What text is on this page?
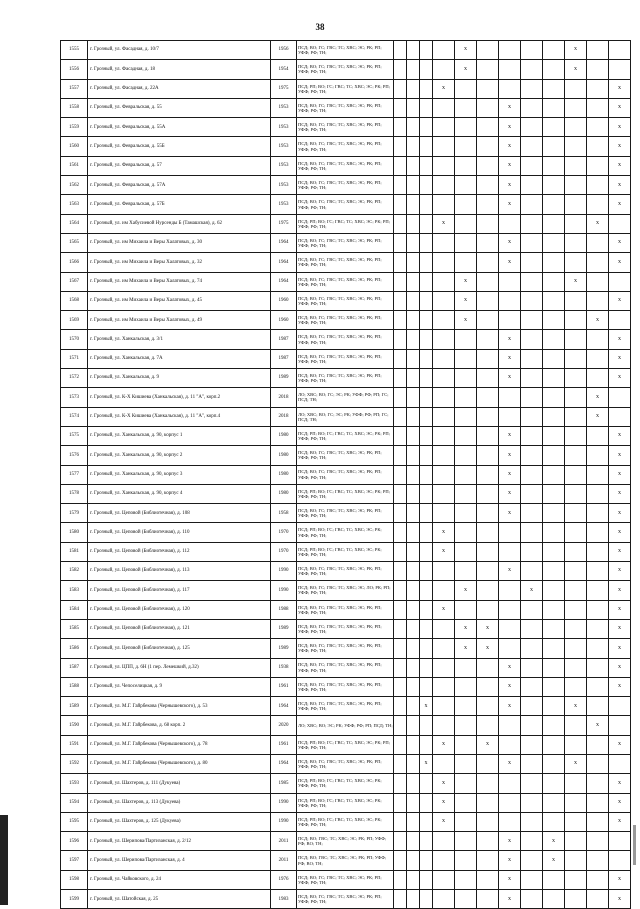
38
1555	г. Грозный, ул. Фасадная, д. 10/7	1956	ПСД; ВО; ГС; ГВС; ТС; ХВС; ЭС; РК; РП; УФФ; РФ; ТН;					x					x		
1556	г. Грозный, ул. Фасадная, д. 18	1954	ПСД; ВО; ГС; ГВС; ТС; ХВС; ЭС; РК; РП; УФФ; РФ; ТН;					x					x		
1557	г. Грозный, ул. Фасадная, д. 22А	1975	ПСД; РП; ВО; ГС; ГВС; ТС; ХВС; ЭС; РК; РП; УФФ; РФ; ТН;				x								x
1558	г. Грозный, ул. Февральская, д. 55	1953	ПСД; ВО; ГС; ГВС; ТС; ХВС; ЭС; РК; РП; УФФ; РФ; ТН;							x					x
1559	г. Грозный, ул. Февральская, д. 55А	1953	ПСД; ВО; ГС; ГВС; ТС; ХВС; ЭС; РК; РП; УФФ; РФ; ТН;							x					x
1560	г. Грозный, ул. Февральская, д. 55Б	1953	ПСД; ВО; ГС; ГВС; ТС; ХВС; ЭС; РК; РП; УФФ; РФ; ТН;							x					x
1561	г. Грозный, ул. Февральская, д. 57	1953	ПСД; ВО; ГС; ГВС; ТС; ХВС; ЭС; РК; РП; УФФ; РФ; ТН;							x					x
1562	г. Грозный, ул. Февральская, д. 57А	1953	ПСД; ВО; ГС; ГВС; ТС; ХВС; ЭС; РК; РП; УФФ; РФ; ТН;							x					x
1563	г. Грозный, ул. Февральская, д. 57Б	1953	ПСД; ВО; ГС; ГВС; ТС; ХВС; ЭС; РК; РП; УФФ; РФ; ТН;							x					x
1564	г. Грозный, ул. им Хабусиевой Нурсенды Б (Тамашская), д. 62	1975	ПСД; РП; ВО; ГС; ГВС; ТС; ХВС; ЭС; РК; РП; УФФ; РФ; ТН;				x							x	
1565	г. Грозный, ул. им Михаила и Веры Халатовых, д. 30	1964	ПСД; ВО; ГС; ГВС; ТС; ХВС; ЭС; РК; РП; УФФ; РФ; ТН;							x					x
1566	г. Грозный, ул. им Михаила и Веры Халатовых, д. 32	1964	ПСД; ВО; ГС; ГВС; ТС; ХВС; ЭС; РК; РП; УФФ; РФ; ТН;							x					x
1567	г. Грозный, ул. им Михаила и Веры Халатовых, д. 74	1964	ПСД; ВО; ГС; ГВС; ТС; ХВС; ЭС; РК; РП; УФФ; РФ; ТН;					x					x		
1568	г. Грозный, ул. им Михаила и Веры Халатовых, д. 45	1960	ПСД; ВО; ГС; ГВС; ТС; ХВС; ЭС; РК; РП; УФФ; РФ; ТН;					x							x
1569	г. Грозный, ул. им Михаила и Веры Халатовых, д. 49	1960	ПСД; ВО; ГС; ГВС; ТС; ХВС; ЭС; РК; РП; УФФ; РФ; ТН;					x						x	
1570	г. Грозный, ул. Ханкальская, д. 3/1	1987	ПСД; ВО; ГС; ГВС; ТС; ХВС; ЭС; РК; РП; УФФ; РФ; ТН;							x					x
1571	г. Грозный, ул. Ханкальская, д. 7А	1987	ПСД; ВО; ГС; ГВС; ТС; ХВС; ЭС; РК; РП; УФФ; РФ; ТН;							x					x
1572	г. Грозный, ул. Ханкальская, д. 9	1989	ПСД; ВО; ГС; ГВС; ТС; ХВС; ЭС; РК; РП; УФФ; РФ; ТН;							x					x
1573	г. Грозный, ул. К-Х Кишиева (Ханкальская), д. 11 "А", корп.2	2018	ЛО; ХВС; ВО; ГС; ЭС; РК; УФФ; РФ; РП; ГС; ПСД; ТН;											x	
1574	г. Грозный, ул. К-Х Кишиева (Ханкальская), д. 11 "А", корп.4	2018	ЛО; ХВС; ВО; ГС; ЭС; РК; УФФ; РФ; РП; ГС; ПСД; ТН;											x	
1575	г. Грозный, ул. Ханкальская, д. 90, корпус 1	1980	ПСД; РП; ВО; ГС; ГВС; ТС; ХВС; ЭС; РК; РП; УФФ; РФ; ТН;							x					x
1576	г. Грозный, ул. Ханкальская, д. 90, корпус 2	1980	ПСД; ВО; ГС; ГВС; ТС; ХВС; ЭС; РК; РП; УФФ; РФ; ТН;							x					x
1577	г. Грозный, ул. Ханкальская, д. 90, корпус 3	1980	ПСД; ВО; ГС; ГВС; ТС; ХВС; ЭС; РК; РП; УФФ; РФ; ТН;							x					x
1578	г. Грозный, ул. Ханкальская, д. 90, корпус 4	1980	ПСД; РП; ВО; ГС; ГВС; ТС; ХВС; ЭС; РК; РП; УФФ; РФ; ТН;							x					x
1579	г. Грозный, ул. Цеповой (Библиотечная), д. 108	1958	ПСД; ВО; ГС; ГВС; ТС; ХВС; ЭС; РК; РП; УФФ; РФ; ТН;							x					x
1580	г. Грозный, ул. Цеповой (Библиотечная), д. 110	1970	ПСД; РП; ВО; ГС; ГВС; ТС; ХВС; ЭС; РК; УФФ; РФ; ТН;				x								x
1581	г. Грозный, ул. Цеповой (Библиотечная), д. 112	1970	ПСД; РП; ВО; ГС; ГВС; ТС; ХВС; ЭС; РК; УФФ; РФ; ТН;				x								x
1582	г. Грозный, ул. Цеповой (Библиотечная), д. 113	1990	ПСД; ВО; ГС; ГВС; ТС; ХВС; ЭС; РК; РП; УФФ; РФ; ТН;							x					x
1583	г. Грозный, ул. Цеповой (Библиотечная), д. 117	1990	ПСД; ВО; ГС; ГВС; ТС; ХВС; ЭС; ЛО; РК; РП; УФФ; РФ; ТН;					x			x				x
1584	г. Грозный, ул. Цеповой (Библиотечная), д. 120	1988	ПСД; ВО; ГС; ГВС; ТС; ХВС; ЭС; РК; РП; УФФ; РФ; ТН;				x								x
1585	г. Грозный, ул. Цеповой (Библиотечная), д. 121	1989	ПСД; ВО; ГС; ГВС; ТС; ХВС; ЭС; РК; РП; УФФ; РФ; ТН;					x	x						x
1586	г. Грозный, ул. Цеповой (Библиотечная), д. 125	1989	ПСД; ВО; ГС; ГВС; ТС; ХВС; ЭС; РК; РП; УФФ; РФ; ТН;					x	x						x
1587	г. Грозный, ул. ЦПП, д. 6Н (1 пер. Лемешкий, д.32)	1938	ПСД; ВО; ГС; ГВС; ТС; ХВС; ЭС; РК; РП; УФФ; РФ; ТН;							x					x
1588	г. Грозный, ул. Чепоселицкая, д. 9	1961	ПСД; ВО; ГС; ГВС; ТС; ХВС; ЭС; РК; РП; УФФ; РФ; ТН;							x					x
1589	г. Грозный, ул. М.Г. Гайрбекова (Чернышевского), д. 53	1964	ПСД; ВО; ГС; ГВС; ТС; ХВС; ЭС; РК; РП; УФФ; РФ; ТН;			x				x			x		
1590	г. Грозный, ул. М.Г. Гайрбекова, д. 68 корп. 2	2020	ЛО; ХВС; ВО; ЭС; РК; УФФ; РФ; РП; ПСД; ТН;											x	
1591	г. Грозный, ул. М.Г. Гайрбекова (Чернышевского), д. 78	1961	ПСД; РП; ВО; ГС; ГВС; ТС; ХВС; ЭС; РК; РП; УФФ; РФ; ТН;				x		x						x
1592	г. Грозный, ул. М.Г. Гайрбекова (Чернышевского), д. 80	1964	ПСД; ВО; ГС; ГВС; ТС; ХВС; ЭС; РК; РП; УФФ; РФ; ТН;			x				x			x		
1593	г. Грозный, ул. Шахтеров, д. 111 (Дукуева)	1985	ПСД; РП; ВО; ГС; ГВС; ТС; ХВС; ЭС; РК; УФФ; РФ; ТН;				x								x
1594	г. Грозный, ул. Шахтеров, д. 113 (Дукуева)	1990	ПСД; РП; ВО; ГС; ГВС; ТС; ХВС; ЭС; РК; УФФ; РФ; ТН;				x								x
1595	г. Грозный, ул. Шахтеров, д. 125 (Дукуева)	1990	ПСД; РП; ВО; ГС; ГВС; ТС; ХВС; ЭС; РК; УФФ; РФ; ТН;				x								x
1596	г. Грозный, ул. Шерипова/Партизанская, д. 2/12	2011	ПСД; ВО; ГВС; ТС; ХВС; ЭС; РК; РП; УФФ; РФ; ВО; ТН;							x		x			
1597	г. Грозный, ул. Шерипова/Партизанская, д. 4	2011	ПСД; ВО; ГВС; ТС; ХВС; ЭС; РК; РП; УФФ; РФ; ВО; ТН;							x		x			
1598	г. Грозный, ул. Чайковского, д. 24	1976	ПСД; ВО; ГС; ГВС; ТС; ХВС; ЭС; РК; РП; УФФ; РФ; ТН;							x					x
1599	г. Грозный, ул. Шатойская, д. 25	1983	ПСД; ВО; ГС; ГВС; ТС; ХВС; ЭС; РК; РП; УФФ; РФ; ТН;							x					x
